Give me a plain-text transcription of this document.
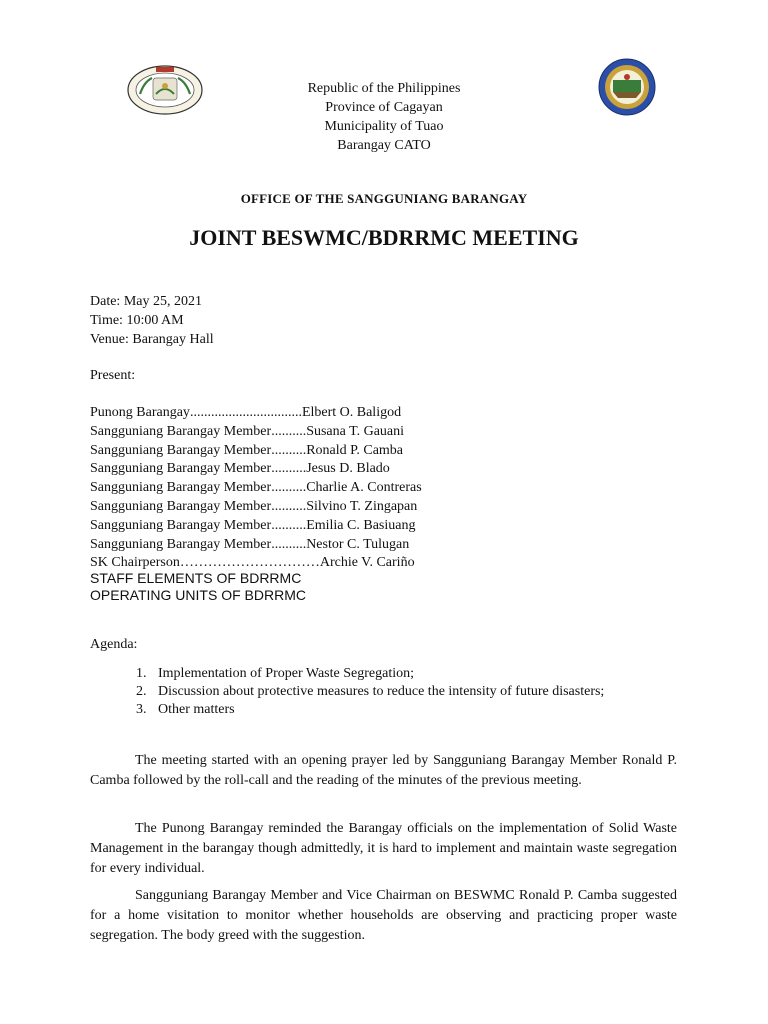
Republic of the Philippines
Province of Cagayan
Municipality of Tuao
Barangay CATO
OFFICE OF THE SANGGUNIANG BARANGAY
JOINT BESWMC/BDRRMC MEETING
Date: May 25, 2021
Time: 10:00 AM
Venue: Barangay Hall
Present:
Punong Barangay ................................ Elbert O. Baligod
Sangguniang Barangay Member .......... Susana T. Gauani
Sangguniang Barangay Member .......... Ronald P. Camba
Sangguniang Barangay Member .......... Jesus D. Blado
Sangguniang Barangay Member .......... Charlie A. Contreras
Sangguniang Barangay Member .......... Silvino T. Zingapan
Sangguniang Barangay Member .......... Emilia C. Basiuang
Sangguniang Barangay Member .......... Nestor C. Tulugan
SK Chairperson ………………………… Archie V. Cariño
STAFF ELEMENTS OF BDRRMC
OPERATING UNITS OF BDRRMC
Agenda:
1. Implementation of Proper Waste Segregation;
2. Discussion about protective measures to reduce the intensity of future disasters;
3. Other matters
The meeting started with an opening prayer led by Sangguniang Barangay Member Ronald P. Camba followed by the roll-call and the reading of the minutes of the previous meeting.
The Punong Barangay reminded the Barangay officials on the implementation of Solid Waste Management in the barangay though admittedly, it is hard to implement and maintain waste segregation for every individual.
Sangguniang Barangay Member and Vice Chairman on BESWMC Ronald P. Camba suggested for a home visitation to monitor whether households are observing and practicing proper waste segregation. The body greed with the suggestion.
